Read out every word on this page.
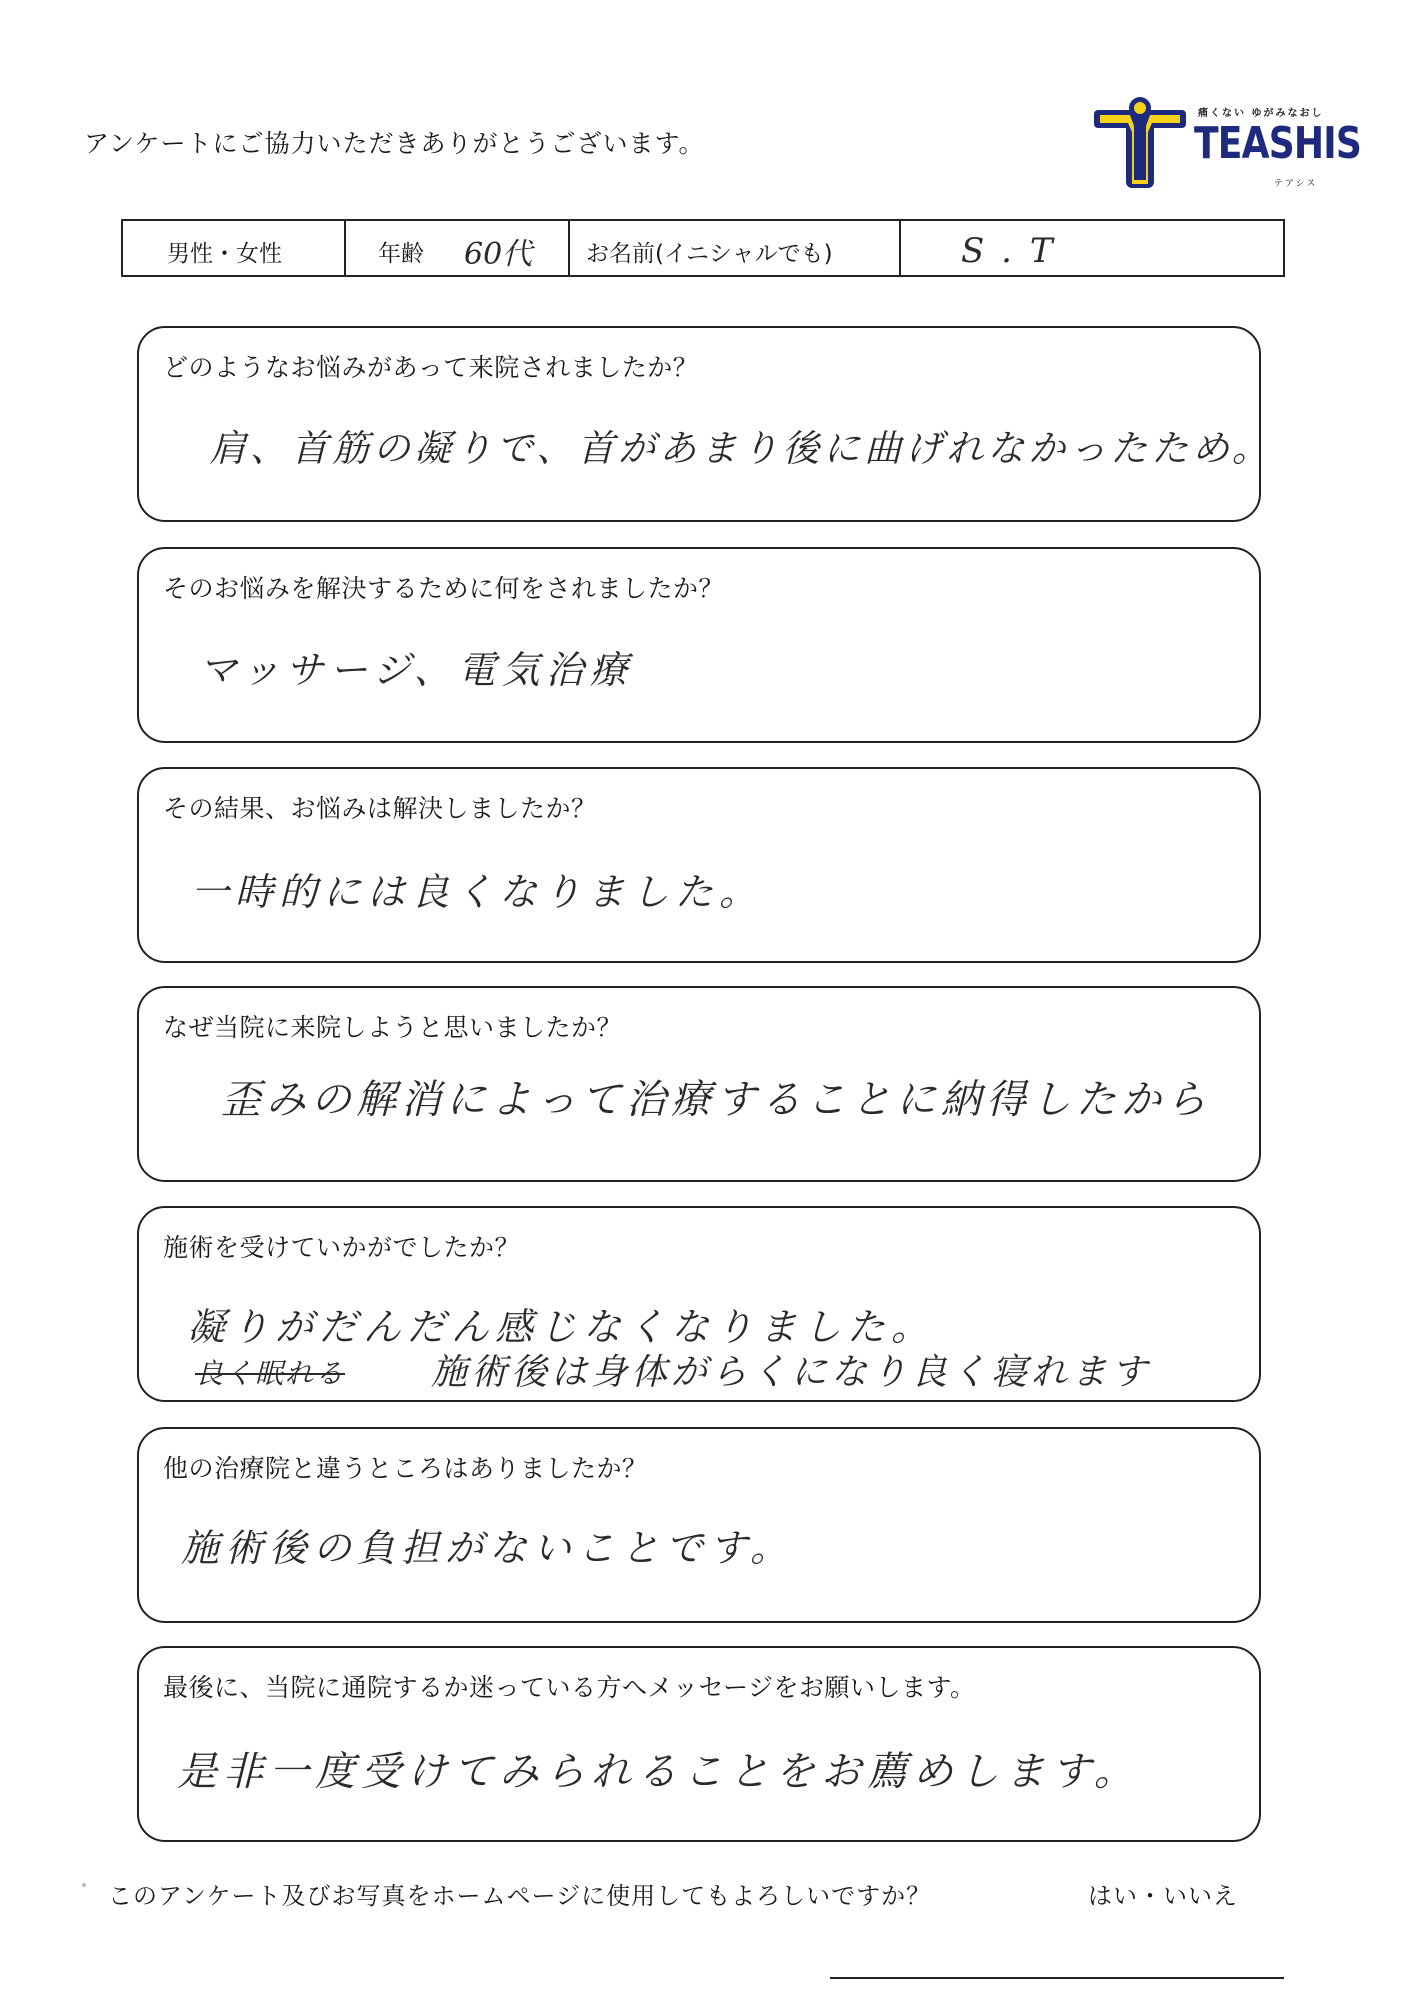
アンケートにご協力いただきありがとうございます。
痛くない ゆがみなおし
TEASHIS
テアシス
男性・女性	年齢 60代 お名前(イニシャルでも)	S.T
どのようなお悩みがあって来院されましたか？
肩、首筋の凝りで、首があまり後に曲げれなかったため。
そのお悩みを解決するために何をされましたか？
マッサージ、電気治療
その結果、お悩みは解決しましたか？
一時的には良くなりました。
なぜ当院に来院しようと思いましたか？
歪みの解消によって治療することに納得したから
施術を受けていかがでしたか？
凝りがだんだん感じなくなりました。
良く眠れる 施術後は身体がらくになり良く寝れます
他の治療院と違うところはありましたか？
施術後の負担がないことです。
最後に、当院に通院するか迷っている方へメッセージをお願いします。
是非一度受けてみられることをお薦めします。
このアンケート及びお写真をホームページに使用してもよろしいですか？	はい・いいえ
